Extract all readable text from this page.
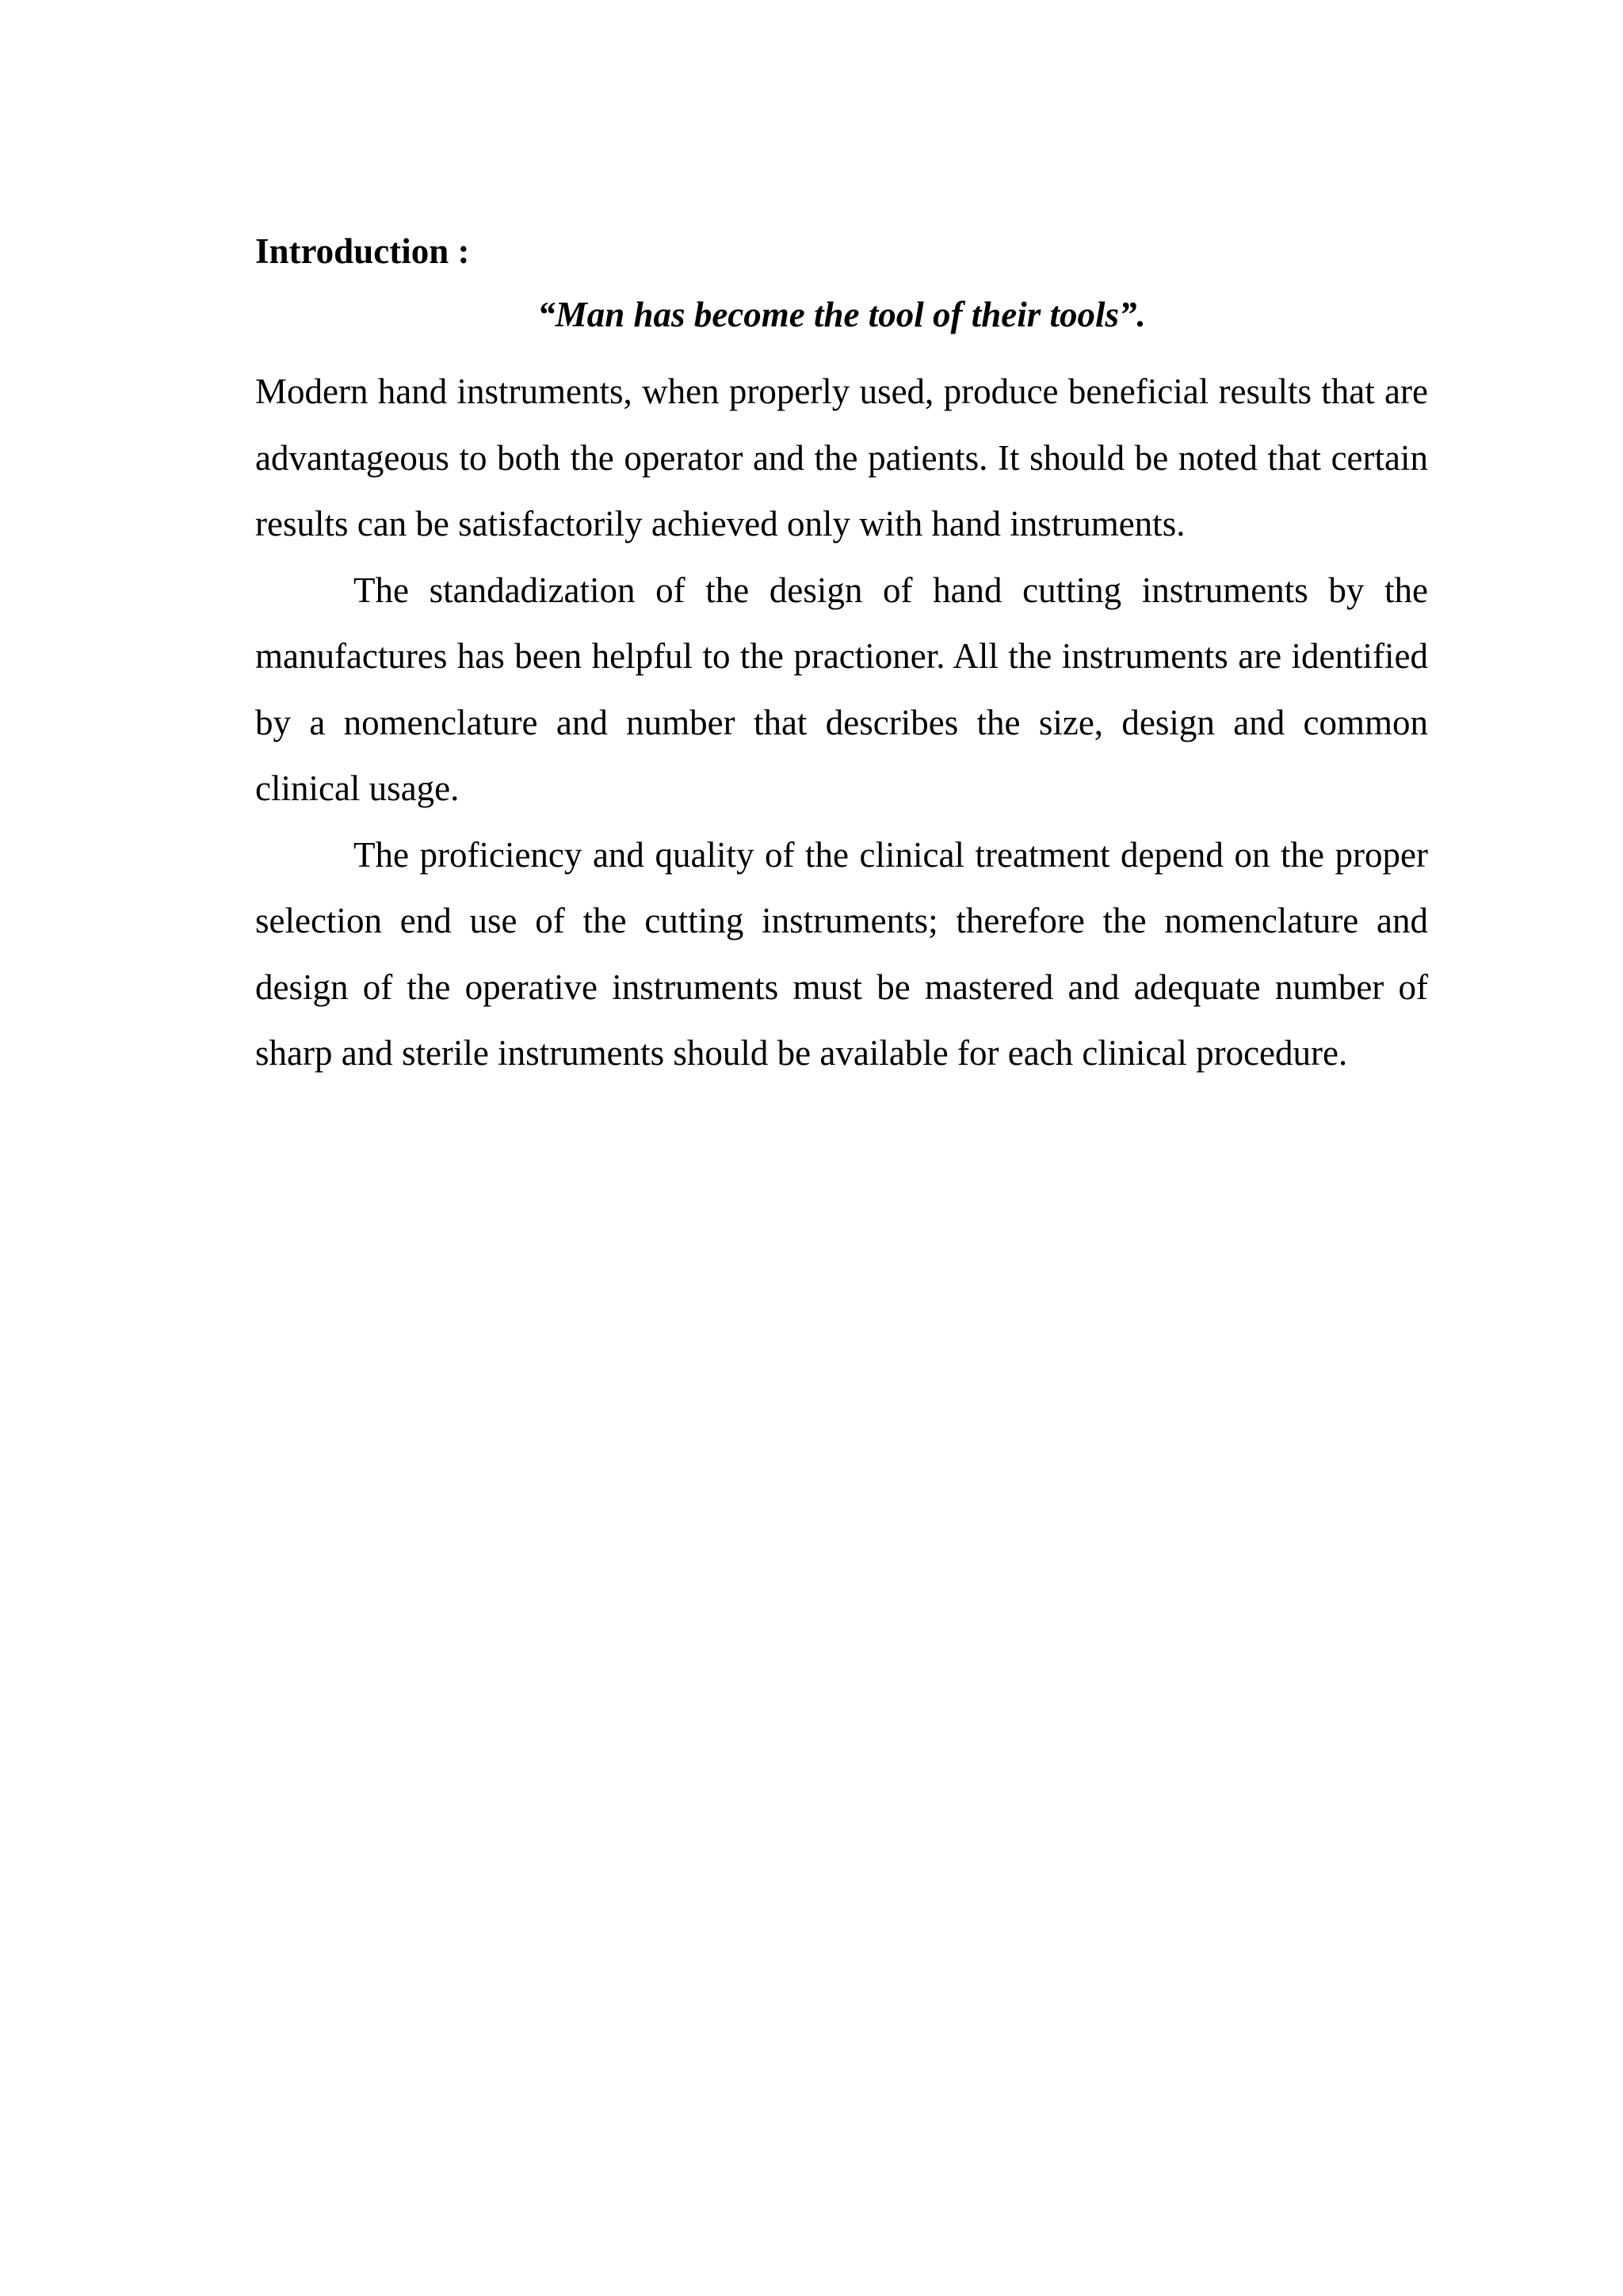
Introduction :

“Man has become the tool of their tools”.

Modern hand instruments, when properly used, produce beneficial results that are advantageous to both the operator and the patients. It should be noted that certain results can be satisfactorily achieved only with hand instruments.

The standadization of the design of hand cutting instruments by the manufactures has been helpful to the practioner. All the instruments are identified by a nomenclature and number that describes the size, design and common clinical usage.

The proficiency and quality of the clinical treatment depend on the proper selection end use of the cutting instruments; therefore the nomenclature and design of the operative instruments must be mastered and adequate number of sharp and sterile instruments should be available for each clinical procedure.
